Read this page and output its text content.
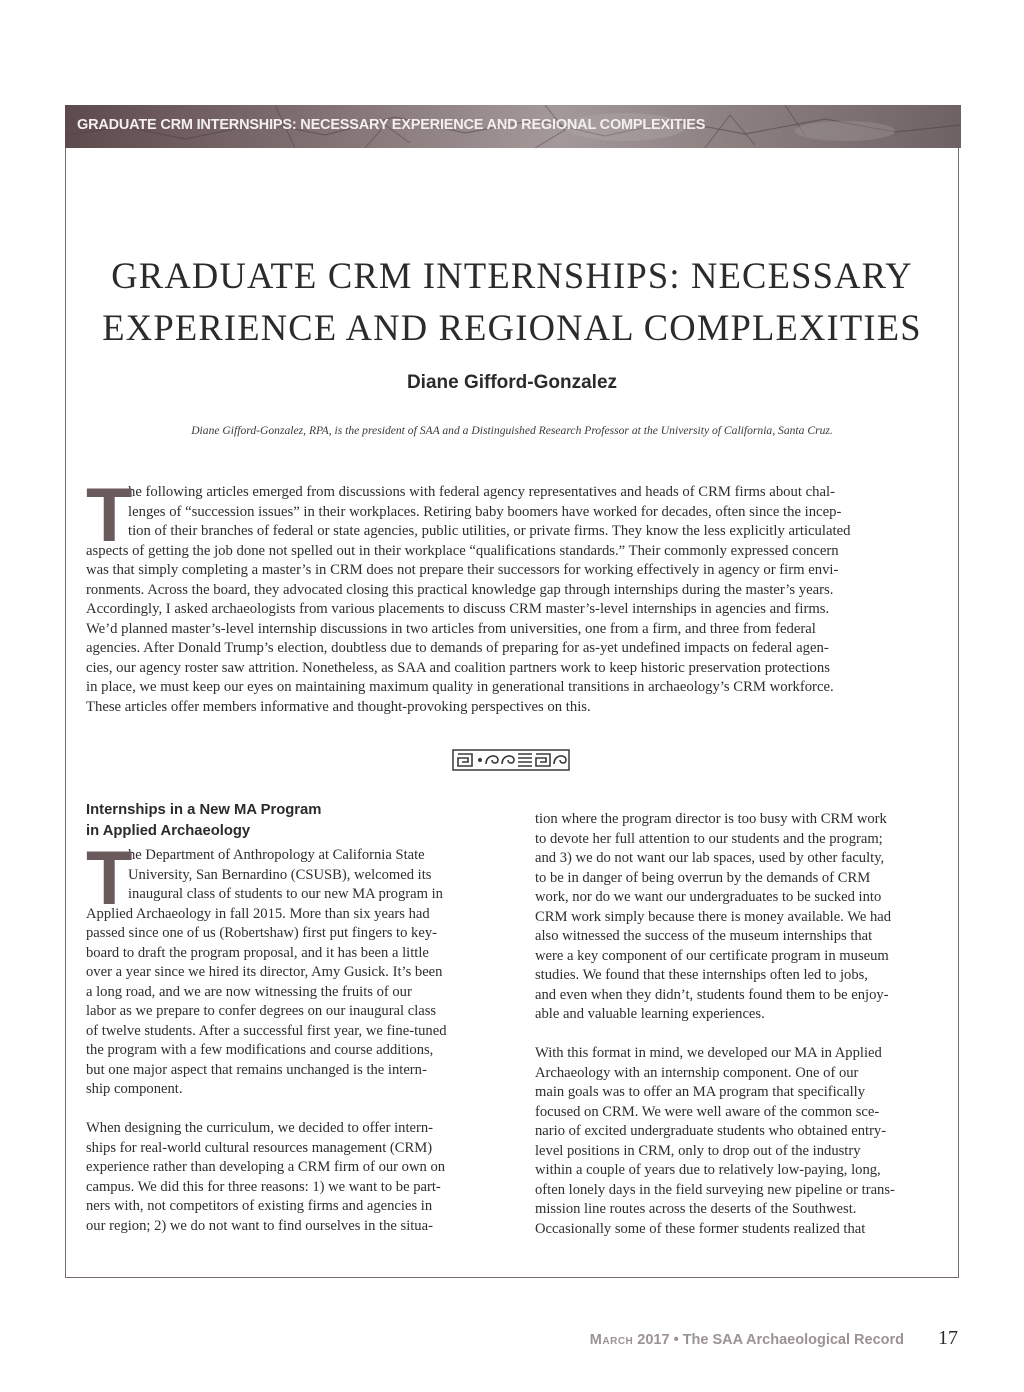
GRADUATE CRM INTERNSHIPS: NECESSARY EXPERIENCE AND REGIONAL COMPLEXITIES
GRADUATE CRM INTERNSHIPS: NECESSARY
EXPERIENCE AND REGIONAL COMPLEXITIES
Diane Gifford-Gonzalez
Diane Gifford-Gonzalez, RPA, is the president of SAA and a Distinguished Research Professor at the University of California, Santa Cruz.
T
he following articles emerged from discussions with federal agency representatives and heads of CRM firms about chal-
lenges of “succession issues” in their workplaces. Retiring baby boomers have worked for decades, often since the incep-
tion of their branches of federal or state agencies, public utilities, or private firms. They know the less explicitly articulated
aspects of getting the job done not spelled out in their workplace “qualifications standards.” Their commonly expressed concern
was that simply completing a master’s in CRM does not prepare their successors for working effectively in agency or firm envi-
ronments. Across the board, they advocated closing this practical knowledge gap through internships during the master’s years.
Accordingly, I asked archaeologists from various placements to discuss CRM master’s-level internships in agencies and firms.
We’d planned master’s-level internship discussions in two articles from universities, one from a firm, and three from federal
agencies. After Donald Trump’s election, doubtless due to demands of preparing for as-yet undefined impacts on federal agen-
cies, our agency roster saw attrition. Nonetheless, as SAA and coalition partners work to keep historic preservation protections
in place, we must keep our eyes on maintaining maximum quality in generational transitions in archaeology’s CRM workforce.
These articles offer members informative and thought-provoking perspectives on this.
Internships in a New MA Program
in Applied Archaeology
T
he Department of Anthropology at California State
University, San Bernardino (CSUSB), welcomed its
inaugural class of students to our new MA program in
Applied Archaeology in fall 2015. More than six years had
passed since one of us (Robertshaw) first put fingers to key-
board to draft the program proposal, and it has been a little
over a year since we hired its director, Amy Gusick. It’s been
a long road, and we are now witnessing the fruits of our
labor as we prepare to confer degrees on our inaugural class
of twelve students. After a successful first year, we fine-tuned
the program with a few modifications and course additions,
but one major aspect that remains unchanged is the intern-
ship component.
When designing the curriculum, we decided to offer intern-
ships for real-world cultural resources management (CRM)
experience rather than developing a CRM firm of our own on
campus. We did this for three reasons: 1) we want to be part-
ners with, not competitors of existing firms and agencies in
our region; 2) we do not want to find ourselves in the situa-
tion where the program director is too busy with CRM work
to devote her full attention to our students and the program;
and 3) we do not want our lab spaces, used by other faculty,
to be in danger of being overrun by the demands of CRM
work, nor do we want our undergraduates to be sucked into
CRM work simply because there is money available. We had
also witnessed the success of the museum internships that
were a key component of our certificate program in museum
studies. We found that these internships often led to jobs,
and even when they didn’t, students found them to be enjoy-
able and valuable learning experiences.
With this format in mind, we developed our MA in Applied
Archaeology with an internship component. One of our
main goals was to offer an MA program that specifically
focused on CRM. We were well aware of the common sce-
nario of excited undergraduate students who obtained entry-
level positions in CRM, only to drop out of the industry
within a couple of years due to relatively low-paying, long,
often lonely days in the field surveying new pipeline or trans-
mission line routes across the deserts of the Southwest.
Occasionally some of these former students realized that
March 2017 • The SAA Archaeological Record 17
